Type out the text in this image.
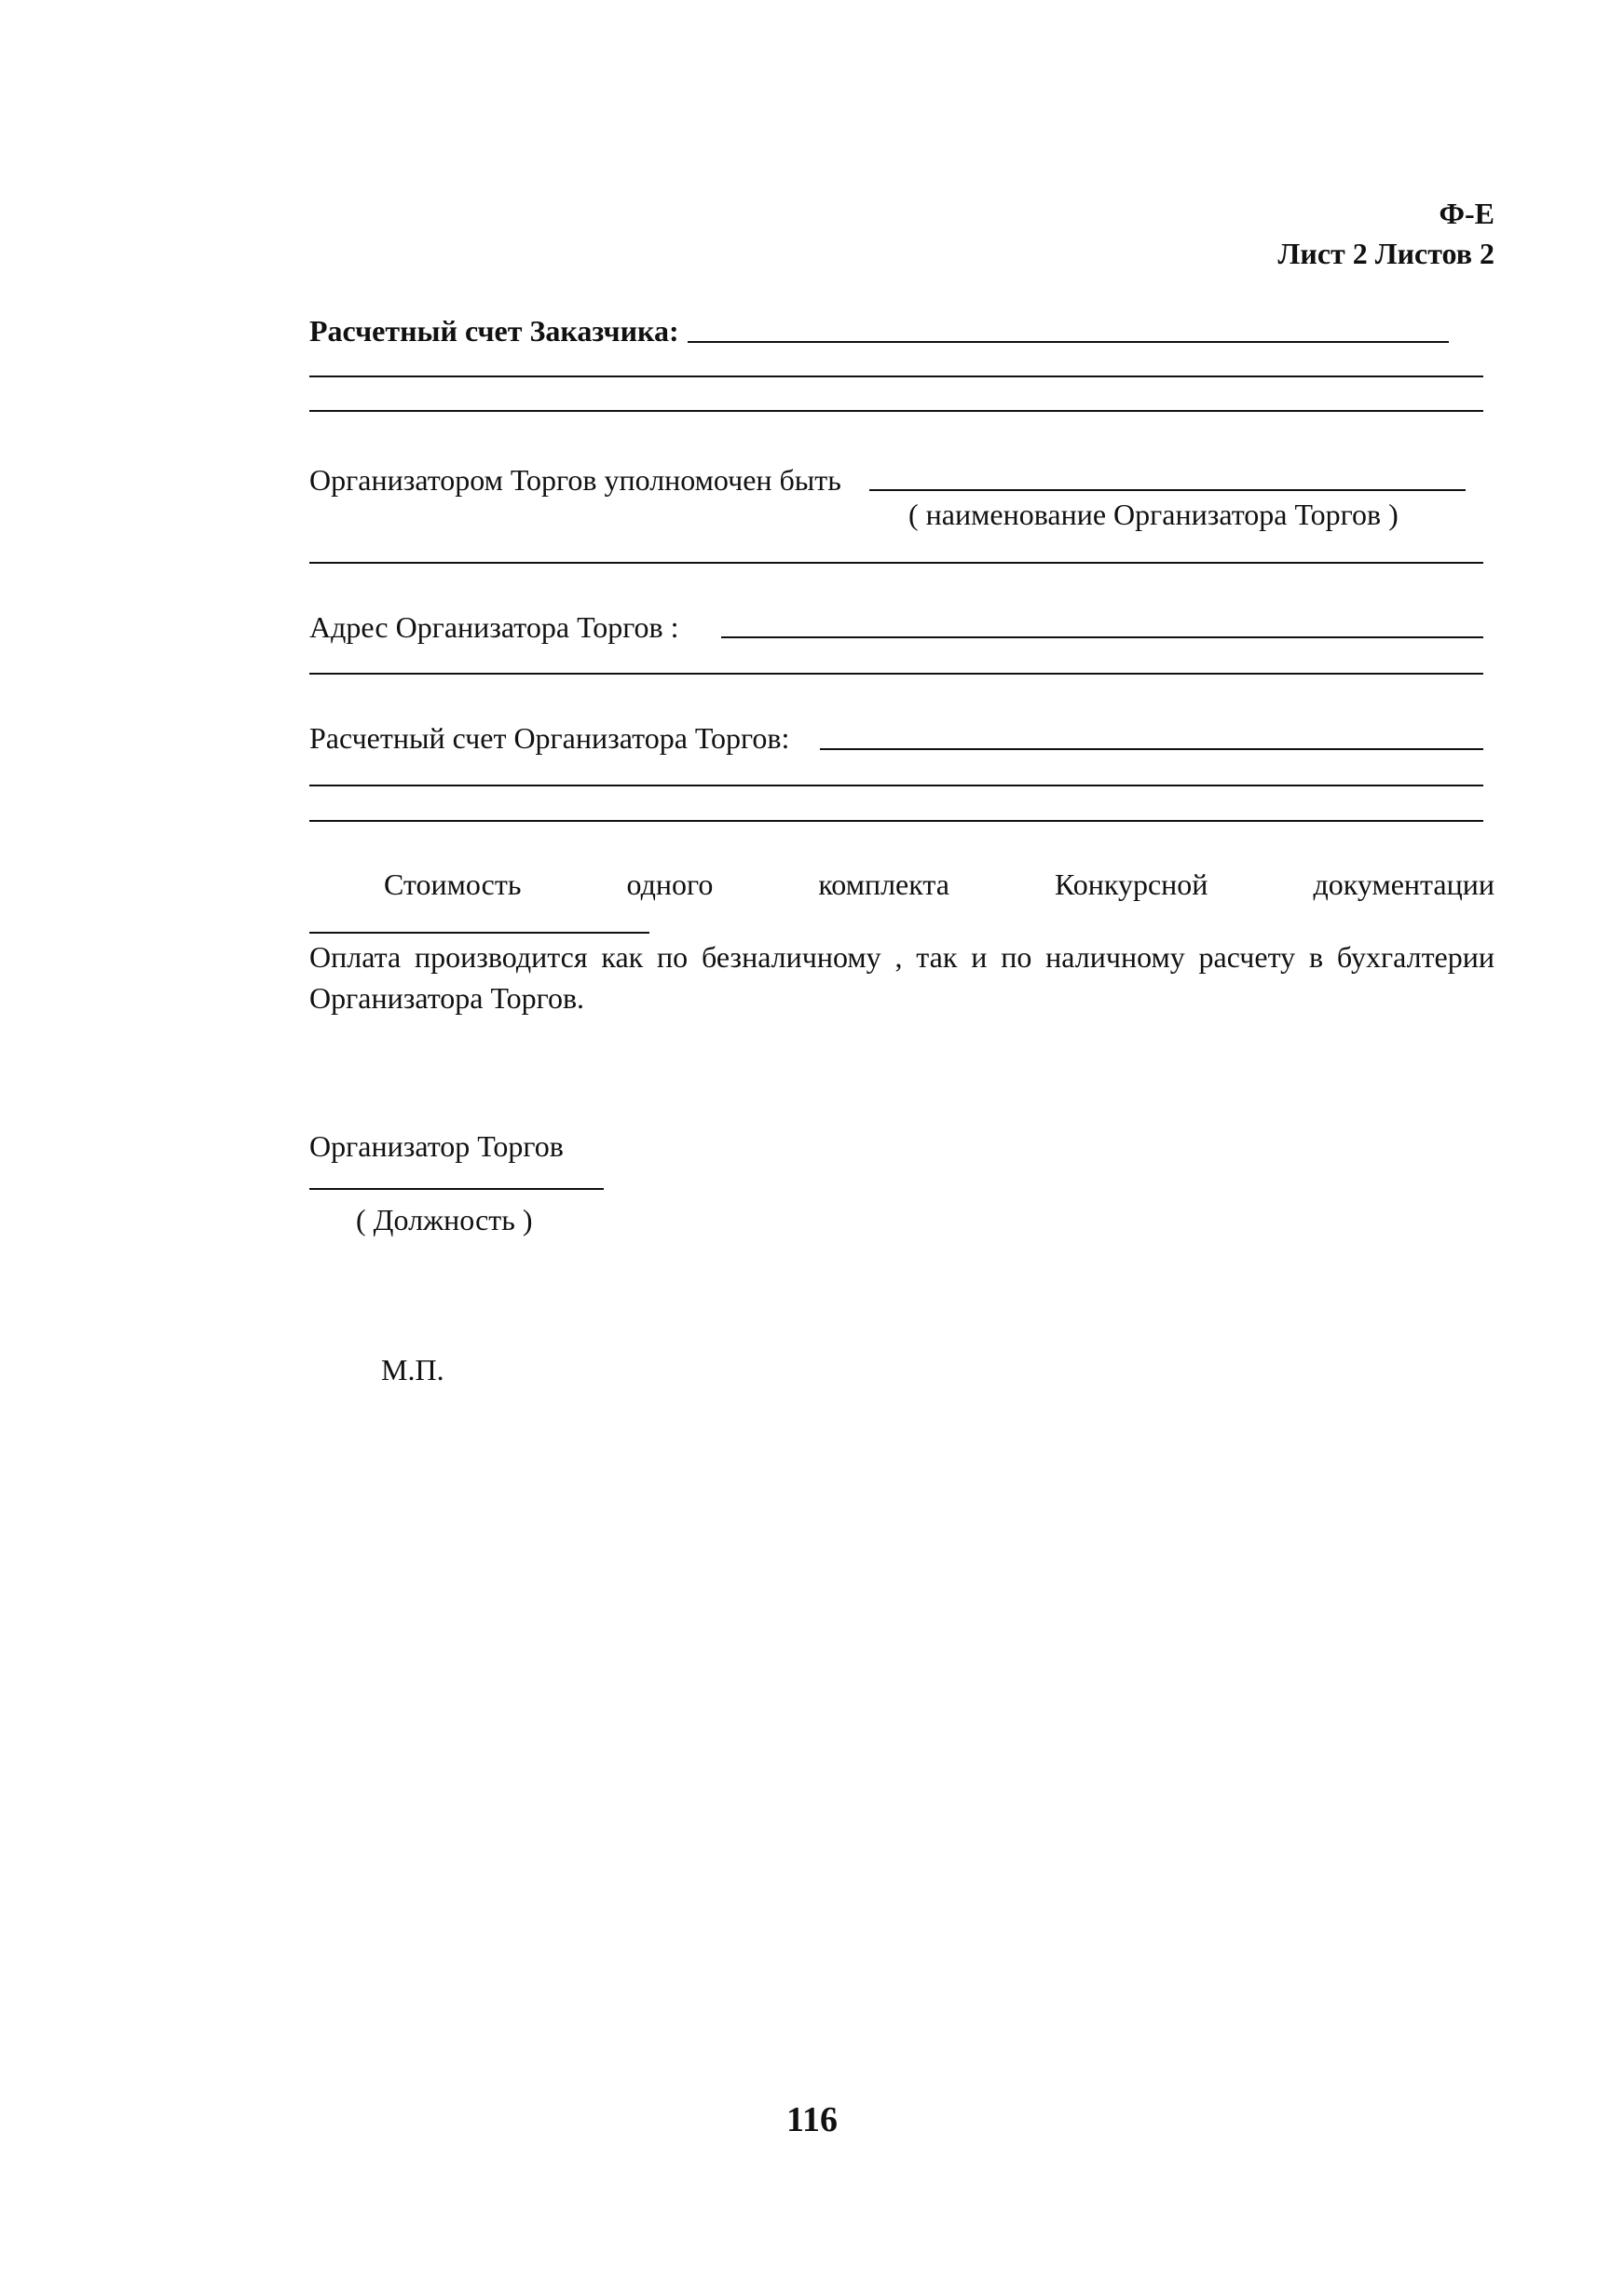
Ф-Е
Лист 2 Листов 2
Расчетный счет Заказчика:
Организатором Торгов уполномочен быть
( наименование Организатора Торгов )
Адрес Организатора Торгов :
Расчетный счет Организатора Торгов:
Стоимость	одного	комплекта	Конкурсной	документации
Оплата производится как по безналичному , так и по наличному расчету в бухгалтерии Организатора Торгов.
Организатор Торгов
( Должность )
М.П.
116
